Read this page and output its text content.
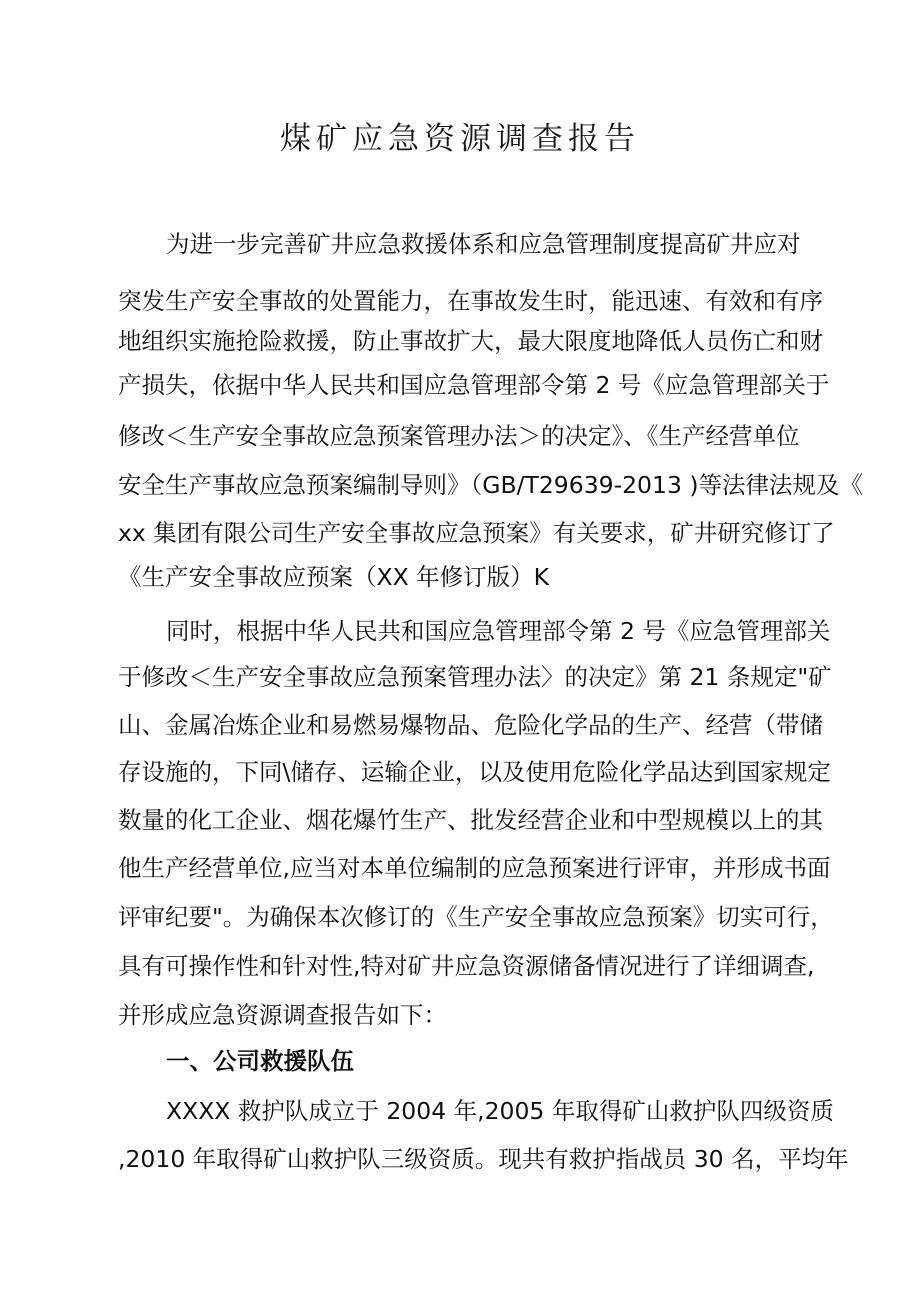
煤矿应急资源调查报告
为进一步完善矿井应急救援体系和应急管理制度提高矿井应对
突发生产安全事故的处置能力，在事故发生时，能迅速、有效和有序
地组织实施抢险救援，防止事故扩大，最大限度地降低人员伤亡和财
产损失，依据中华人民共和国应急管理部令第 2 号《应急管理部关于
修改＜生产安全事故应急预案管理办法＞的决定》、《生产经营单位
安全生产事故应急预案编制导则》（GB/T29639-2013 )等法律法规及《
xx 集团有限公司生产安全事故应急预案》有关要求，矿井研究修订了
《生产安全事故应预案（XX 年修订版）K
同时，根据中华人民共和国应急管理部令第 2 号《应急管理部关
于修改＜生产安全事故应急预案管理办法〉的决定》第 21 条规定"矿
山、金属冶炼企业和易燃易爆物品、危险化学品的生产、经营（带储
存设施的，下同\储存、运输企业，以及使用危险化学品达到国家规定
数量的化工企业、烟花爆竹生产、批发经营企业和中型规模以上的其
他生产经营单位,应当对本单位编制的应急预案进行评审，并形成书面
评审纪要"。为确保本次修订的《生产安全事故应急预案》切实可行，
具有可操作性和针对性,特对矿井应急资源储备情况进行了详细调查,
并形成应急资源调查报告如下：
一、公司救援队伍
XXXX 救护队成立于 2004 年,2005 年取得矿山救护队四级资质
,2010 年取得矿山救护队三级资质。现共有救护指战员 30 名，平均年
